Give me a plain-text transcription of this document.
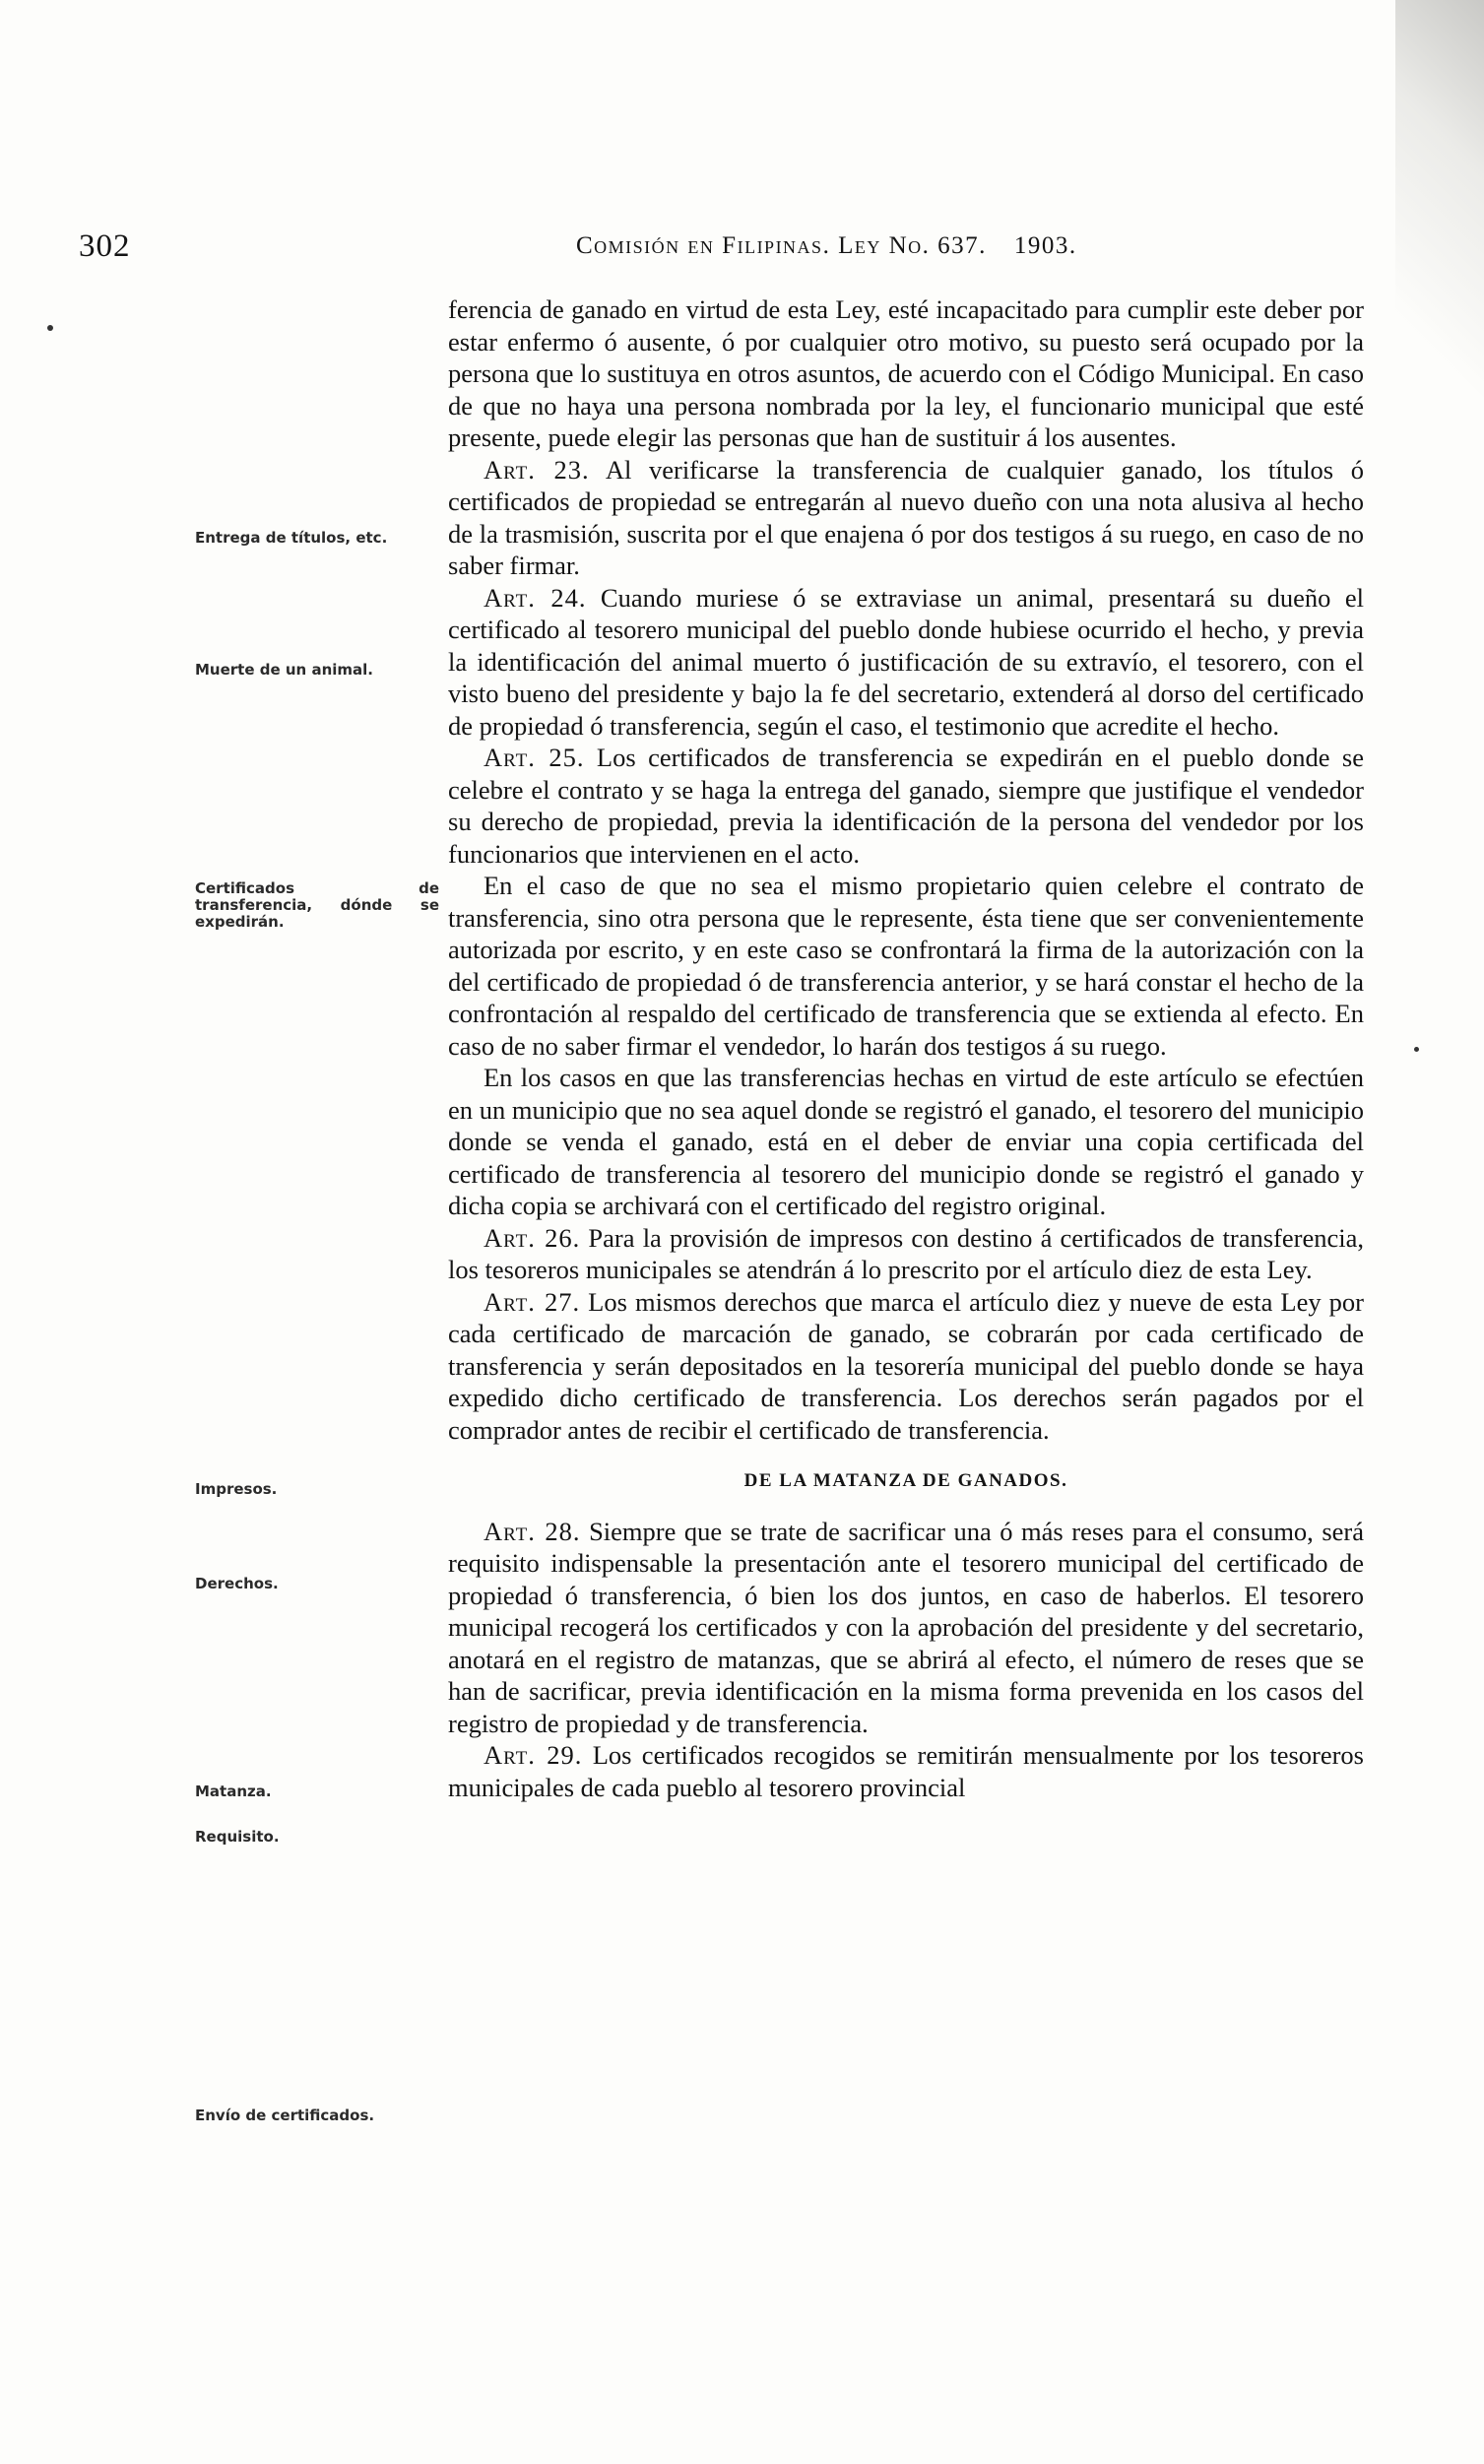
302	Comisión en Filipinas. Ley No. 637. 1903.
Entrega de títulos, etc.
Muerte de un animal.
Certificados de transferencia, dónde se expedirán.
Impresos.
Derechos.
Matanza.
Requisito.
Envío de certificados.

ferencia de ganado en virtud de esta Ley, esté incapacitado para cumplir este deber por estar enfermo ó ausente, ó por cualquier otro motivo, su puesto será ocupado por la persona que lo sustituya en otros asuntos, de acuerdo con el Código Municipal. En caso de que no haya una persona nombrada por la ley, el funcionario municipal que esté presente, puede elegir las personas que han de sustituir á los ausentes.

Art. 23. Al verificarse la transferencia de cualquier ganado, los títulos ó certificados de propiedad se entregarán al nuevo dueño con una nota alusiva al hecho de la trasmisión, suscrita por el que enajena ó por dos testigos á su ruego, en caso de no saber firmar.

Art. 24. Cuando muriese ó se extraviase un animal, presentará su dueño el certificado al tesorero municipal del pueblo donde hubiese ocurrido el hecho, y previa la identificación del animal muerto ó justificación de su extravío, el tesorero, con el visto bueno del presidente y bajo la fe del secretario, extenderá al dorso del certificado de propiedad ó transferencia, según el caso, el testimonio que acredite el hecho.

Art. 25. Los certificados de transferencia se expedirán en el pueblo donde se celebre el contrato y se haga la entrega del ganado, siempre que justifique el vendedor su derecho de propiedad, previa la identificación de la persona del vendedor por los funcionarios que intervienen en el acto.

En el caso de que no sea el mismo propietario quien celebre el contrato de transferencia, sino otra persona que le represente, ésta tiene que ser convenientemente autorizada por escrito, y en este caso se confrontará la firma de la autorización con la del certificado de propiedad ó de transferencia anterior, y se hará constar el hecho de la confrontación al respaldo del certificado de transferencia que se extienda al efecto. En caso de no saber firmar el vendedor, lo harán dos testigos á su ruego.

En los casos en que las transferencias hechas en virtud de este artículo se efectúen en un municipio que no sea aquel donde se registró el ganado, el tesorero del municipio donde se venda el ganado, está en el deber de enviar una copia certificada del certificado de transferencia al tesorero del municipio donde se registró el ganado y dicha copia se archivará con el certificado del registro original.

Art. 26. Para la provisión de impresos con destino á certificados de transferencia, los tesoreros municipales se atendrán á lo prescrito por el artículo diez de esta Ley.

Art. 27. Los mismos derechos que marca el artículo diez y nueve de esta Ley por cada certificado de marcación de ganado, se cobrarán por cada certificado de transferencia y serán depositados en la tesorería municipal del pueblo donde se haya expedido dicho certificado de transferencia. Los derechos serán pagados por el comprador antes de recibir el certificado de transferencia.

DE LA MATANZA DE GANADOS.

Art. 28. Siempre que se trate de sacrificar una ó más reses para el consumo, será requisito indispensable la presentación ante el tesorero municipal del certificado de propiedad ó transferencia, ó bien los dos juntos, en caso de haberlos. El tesorero municipal recogerá los certificados y con la aprobación del presidente y del secretario, anotará en el registro de matanzas, que se abrirá al efecto, el número de reses que se han de sacrificar, previa identificación en la misma forma prevenida en los casos del registro de propiedad y de transferencia.

Art. 29. Los certificados recogidos se remitirán mensualmente por los tesoreros municipales de cada pueblo al tesorero provincial
